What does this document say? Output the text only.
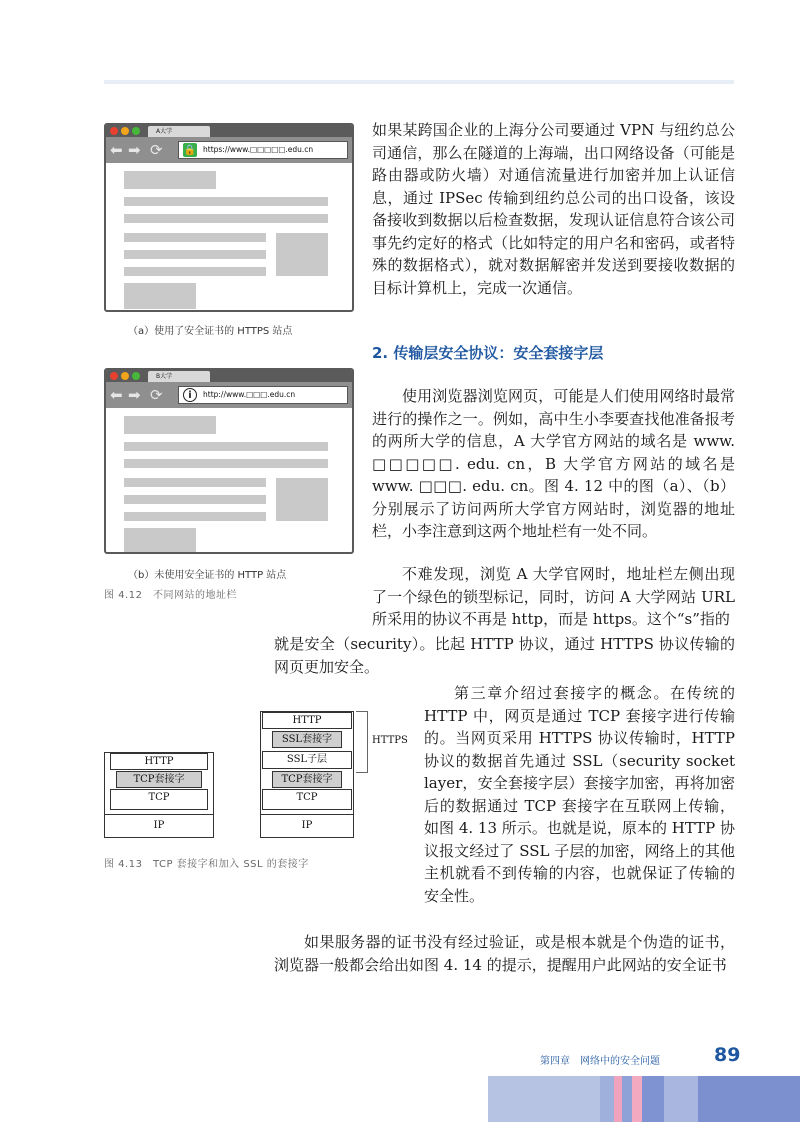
A大学
⬅ ➡ ⟳ 🔒 https://www.□□□□□.edu.cn
（a）使用了安全证书的 HTTPS 站点
B大学
⬅ ➡ ⟳	i	http://www.□□□.edu.cn
（b）未使用安全证书的 HTTP 站点
图 4.12　不同网站的地址栏

如果某跨国企业的上海分公司要通过 VPN 与纽约总公司通信，那么在隧道的上海端，出口网络设备（可能是路由器或防火墙）对通信流量进行加密并加上认证信息，通过 IPSec 传输到纽约总公司的出口设备，该设备接收到数据以后检查数据，发现认证信息符合该公司事先约定好的格式（比如特定的用户名和密码，或者特殊的数据格式），就对数据解密并发送到要接收数据的目标计算机上，完成一次通信。

2. 传输层安全协议：安全套接字层

使用浏览器浏览网页，可能是人们使用网络时最常进行的操作之一。例如，高中生小李要查找他准备报考的两所大学的信息，A 大学官方网站的域名是 www. □□□□□. edu. cn，B 大学官方网站的域名是 www. □□□. edu. cn。图 4. 12 中的图（a）、（b）分别展示了访问两所大学官方网站时，浏览器的地址栏，小李注意到这两个地址栏有一处不同。

不难发现，浏览 A 大学官网时，地址栏左侧出现了一个绿色的锁型标记，同时，访问 A 大学网站 URL 所采用的协议不再是 http，而是 https。这个“s”指的

就是安全（security）。比起 HTTP 协议，通过 HTTPS 协议传输的网页更加安全。

第三章介绍过套接字的概念。在传统的 HTTP 中，网页是通过 TCP 套接字进行传输的。当网页采用 HTTPS 协议传输时，HTTP 协议的数据首先通过 SSL（security socket layer，安全套接字层）套接字加密，再将加密后的数据通过 TCP 套接字在互联网上传输，如图 4. 13 所示。也就是说，原本的 HTTP 协议报文经过了 SSL 子层的加密，网络上的其他主机就看不到传输的内容，也就保证了传输的安全性。

如果服务器的证书没有经过验证，或是根本就是个伪造的证书，浏览器一般都会给出如图 4. 14 的提示，提醒用户此网站的安全证书

HTTP
TCP套接字
TCP
IP
HTTP
SSL套接字
SSL子层
TCP套接字
TCP
IP
HTTPS
图 4.13　TCP 套接字和加入 SSL 的套接字
第四章　网络中的安全问题	89
